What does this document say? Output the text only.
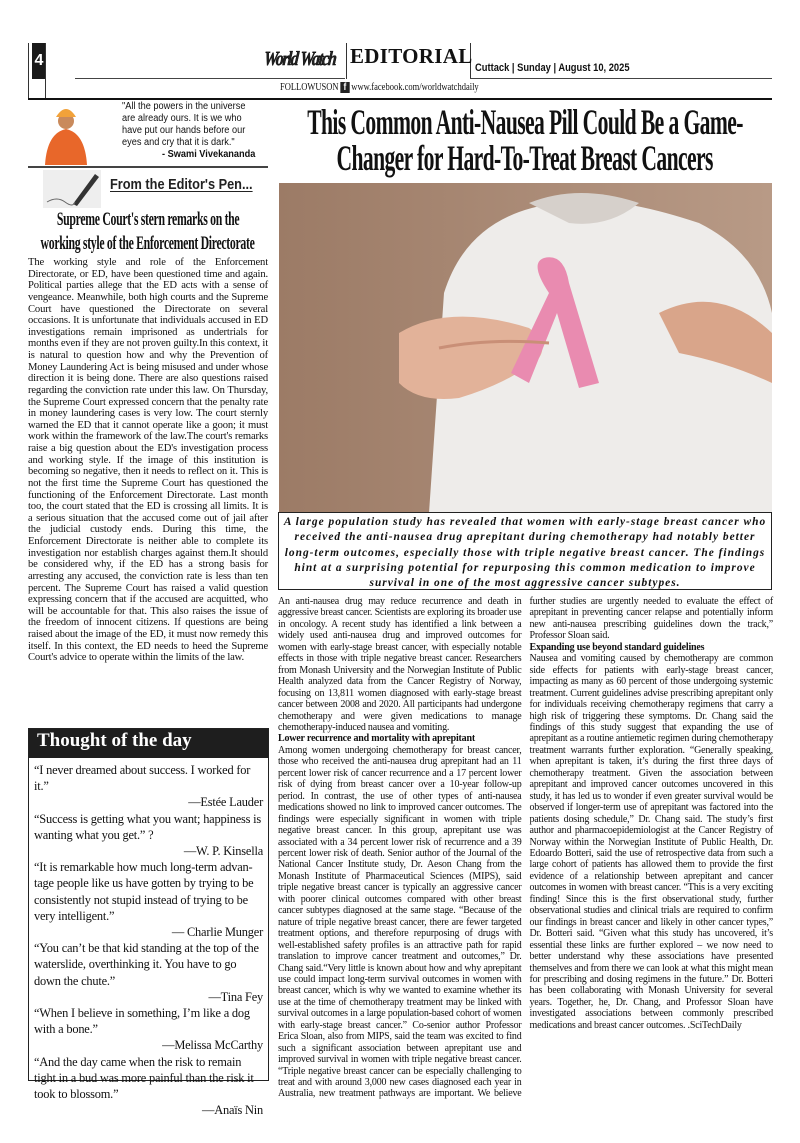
4	World Watch EDITORIAL Cuttack | Sunday | August 10, 2025
FOLLOWUSON f www.facebook.com/worldwatchdaily
"All the powers in the universe are already ours. It is we who have put our hands before our eyes and cry that it is dark."
- Swami Vivekananda
From the Editor's Pen...
Supreme Court's stern remarks on the
working style of the Enforcement Directorate
The working style and role of the Enforcement Directorate, or ED, have been questioned time and again. Political parties allege that the ED acts with a sense of vengeance. Meanwhile, both high courts and the Supreme Court have questioned the Directorate on several occasions. It is unfortunate that individuals accused in ED investigations remain imprisoned as undertrials for months even if they are not proven guilty.In this context, it is natural to question how and why the Prevention of Money Laundering Act is being misused and under whose direction it is being done. There are also questions raised regarding the conviction rate under this law. On Thursday, the Supreme Court expressed concern that the penalty rate in money laundering cases is very low. The court sternly warned the ED that it cannot operate like a goon; it must work within the framework of the law.The court's remarks raise a big question about the ED's investigation process and working style. If the image of this institution is becoming so negative, then it needs to reflect on it. This is not the first time the Supreme Court has questioned the functioning of the Enforcement Directorate. Last month too, the court stated that the ED is crossing all limits. It is a serious situation that the accused come out of jail after the judicial custody ends. During this time, the Enforcement Directorate is neither able to complete its investigation nor establish charges against them.It should be considered why, if the ED has a strong basis for arresting any accused, the conviction rate is less than ten percent. The Supreme Court has raised a valid question expressing concern that if the accused are acquitted, who will be accountable for that. This also raises the issue of the freedom of innocent citizens. If questions are being raised about the image of the ED, it must now remedy this itself. In this context, the ED needs to heed the Supreme Court's advice to operate within the limits of the law.
Thought of the day
“I never dreamed about success. I worked for it.”
—Estée Lauder
“Success is getting what you want; happiness is wanting what you get.” ?
—W. P. Kinsella
“It is remarkable how much long-term advan-tage people like us have gotten by trying to be consistently not stupid instead of trying to be very intelligent.”
— Charlie Munger
“You can’t be that kid standing at the top of the waterslide, overthinking it. You have to go down the chute.”
—Tina Fey
“When I believe in something, I’m like a dog with a bone.”
—Melissa McCarthy
“And the day came when the risk to remain tight in a bud was more painful than the risk it took to blossom.”
—Anaïs Nin
This Common Anti-Nausea Pill Could Be a Game-
Changer for Hard-To-Treat Breast Cancers
A large population study has revealed that women with early-stage breast cancer who received the anti-nausea drug aprepitant during chemotherapy had notably better long-term outcomes, especially those with triple negative breast cancer. The findings hint at a surprising potential for repurposing this common medication to improve survival in one of the most aggressive cancer subtypes.

An anti-nausea drug may reduce recurrence and death in aggressive breast cancer. Scientists are exploring its broader use in oncology. A recent study has identified a link between a widely used anti-nausea drug and improved outcomes for women with early-stage breast cancer, with especially notable effects in those with triple negative breast cancer. Researchers from Monash University and the Norwegian Institute of Public Health analyzed data from the Cancer Registry of Norway, focusing on 13,811 women diagnosed with early-stage breast cancer between 2008 and 2020. All participants had undergone chemotherapy and were given medications to manage chemotherapy-induced nausea and vomiting.

Lower recurrence and mortality with aprepitant

Among women undergoing chemotherapy for breast cancer, those who received the anti-nausea drug aprepitant had an 11 percent lower risk of cancer recurrence and a 17 percent lower risk of dying from breast cancer over a 10-year follow-up period. In contrast, the use of other types of anti-nausea medications showed no link to improved cancer outcomes. The findings were especially significant in women with triple negative breast cancer. In this group, aprepitant use was associated with a 34 percent lower risk of recurrence and a 39 percent lower risk of death. Senior author of the Journal of the National Cancer Institute study, Dr. Aeson Chang from the Monash Institute of Pharmaceutical Sciences (MIPS), said triple negative breast cancer is typically an aggressive cancer with poorer clinical outcomes compared with other breast cancer subtypes diagnosed at the same stage. “Because of the nature of triple negative breast cancer, there are fewer targeted treatment options, and therefore repurposing of drugs with well-established safety profiles is an attractive path for rapid translation to improve cancer treatment and outcomes,” Dr. Chang said.“Very little is known about how and why aprepitant use could impact long-term survival outcomes in women with breast cancer, which is why we wanted to examine whether its use at the time of chemotherapy treatment may be linked with survival outcomes in a large population-based cohort of women with early-stage breast cancer.” Co-senior author Professor Erica Sloan, also from MIPS, said the team was excited to find such a significant association between aprepitant use and improved survival in women with triple negative breast cancer. “Triple negative breast cancer can be especially challenging to treat and with around 3,000 new cases diagnosed each year in Australia, new treatment pathways are important. We believe further studies are urgently needed to evaluate the effect of aprepitant in preventing cancer relapse and potentially inform new anti-nausea prescribing guidelines down the track,” Professor Sloan said.

Expanding use beyond standard guidelines

Nausea and vomiting caused by chemotherapy are common side effects for patients with early-stage breast cancer, impacting as many as 60 percent of those undergoing systemic treatment. Current guidelines advise prescribing aprepitant only for individuals receiving chemotherapy regimens that carry a high risk of triggering these symptoms. Dr. Chang said the findings of this study suggest that expanding the use of aprepitant as a routine antiemetic regimen during chemotherapy treatment warrants further exploration. “Generally speaking, when aprepitant is taken, it’s during the first three days of chemotherapy treatment. Given the association between aprepitant and improved cancer outcomes uncovered in this study, it has led us to wonder if even greater survival would be observed if longer-term use of aprepitant was factored into the patients dosing schedule,” Dr. Chang said. The study’s first author and pharmacoepidemiologist at the Cancer Registry of Norway within the Norwegian Institute of Public Health, Dr. Edoardo Botteri, said the use of retrospective data from such a large cohort of patients has allowed them to provide the first evidence of a relationship between aprepitant and cancer outcomes in women with breast cancer. “This is a very exciting finding! Since this is the first observational study, further observational studies and clinical trials are required to confirm our findings in breast cancer and likely in other cancer types,” Dr. Botteri said. “Given what this study has uncovered, it’s essential these links are further explored – we now need to better understand why these associations have presented themselves and from there we can look at what this might mean for prescribing and dosing regimens in the future.” Dr. Botteri has been collaborating with Monash University for several years. Together, he, Dr. Chang, and Professor Sloan have investigated associations between commonly prescribed medications and breast cancer outcomes. .SciTechDaily
